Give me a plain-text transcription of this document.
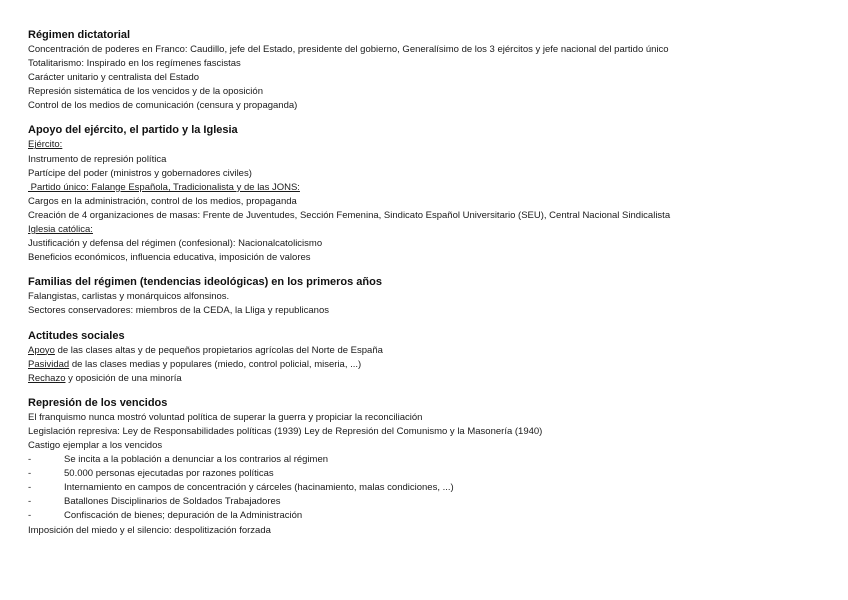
Régimen dictatorial
Concentración de poderes en Franco: Caudillo, jefe del Estado, presidente del gobierno, Generalísimo de los 3 ejércitos y jefe nacional del partido único
Totalitarismo: Inspirado en los regímenes fascistas
Carácter unitario y centralista del Estado
Represión sistemática de los vencidos y de la oposición
Control de los medios de comunicación (censura y propaganda)
Apoyo del ejército, el partido y la Iglesia
Ejército:
Instrumento de represión política
Partícipe del poder (ministros y gobernadores civiles)
Partido único: Falange Española, Tradicionalista y de las JONS:
Cargos en la administración, control de los medios, propaganda
Creación de 4 organizaciones de masas: Frente de Juventudes, Sección Femenina, Sindicato Español Universitario (SEU), Central Nacional Sindicalista
Iglesia católica:
Justificación y defensa del régimen (confesional): Nacionalcatolicismo
Beneficios económicos, influencia educativa, imposición de valores
Familias del régimen (tendencias ideológicas) en los primeros años
Falangistas, carlistas y monárquicos alfonsinos.
Sectores conservadores: miembros de la CEDA, la Lliga y republicanos
Actitudes sociales
Apoyo de las clases altas y de pequeños propietarios agrícolas del Norte de España
Pasividad de las clases medias y populares (miedo, control policial, miseria, ...)
Rechazo y oposición de una minoría
Represión de los vencidos
El franquismo nunca mostró voluntad política de superar la guerra y propiciar la reconciliación
Legislación represiva: Ley de Responsabilidades políticas (1939) Ley de Represión del Comunismo y la Masonería (1940)
Castigo ejemplar a los vencidos
-	Se incita a la población a denunciar a los contrarios al régimen
-	50.000 personas ejecutadas por razones políticas
-	Internamiento en campos de concentración y cárceles (hacinamiento, malas condiciones, ...)
-	Batallones Disciplinarios de Soldados Trabajadores
-	Confiscación de bienes; depuración de la Administración
Imposición del miedo y el silencio: despolitización forzada
